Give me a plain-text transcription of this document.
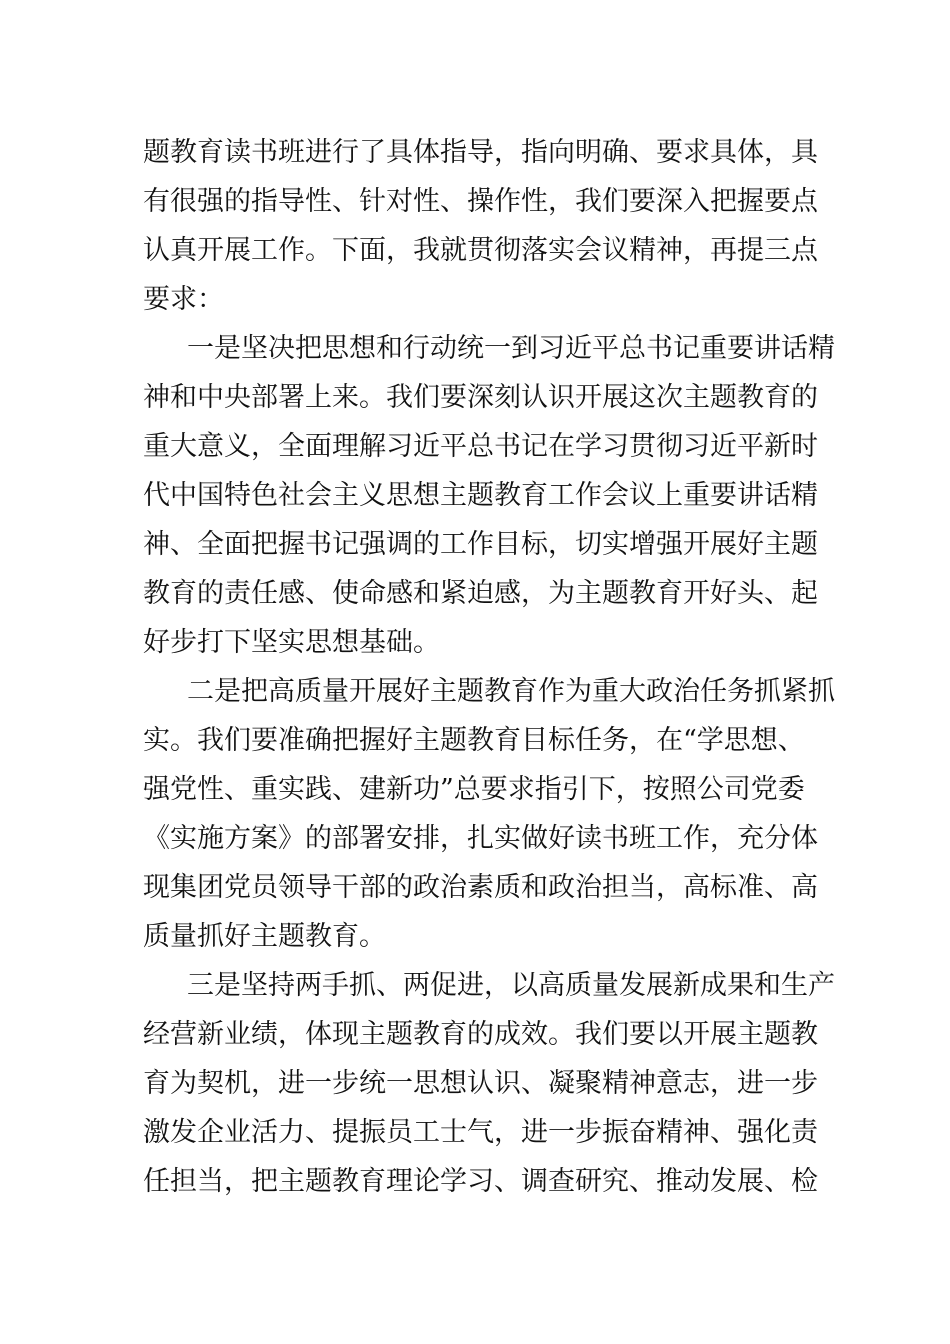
题教育读书班进行了具体指导，指向明确、要求具体，具
有很强的指导性、针对性、操作性，我们要深入把握要点
认真开展工作。下面，我就贯彻落实会议精神，再提三点
要求：
一是坚决把思想和行动统一到习近平总书记重要讲话精
神和中央部署上来。我们要深刻认识开展这次主题教育的
重大意义，全面理解习近平总书记在学习贯彻习近平新时
代中国特色社会主义思想主题教育工作会议上重要讲话精
神、全面把握书记强调的工作目标，切实增强开展好主题
教育的责任感、使命感和紧迫感，为主题教育开好头、起
好步打下坚实思想基础。
二是把高质量开展好主题教育作为重大政治任务抓紧抓
实。我们要准确把握好主题教育目标任务，在“学思想、
强党性、重实践、建新功”总要求指引下，按照公司党委
《实施方案》的部署安排，扎实做好读书班工作，充分体
现集团党员领导干部的政治素质和政治担当，高标准、高
质量抓好主题教育。
三是坚持两手抓、两促进，以高质量发展新成果和生产
经营新业绩，体现主题教育的成效。我们要以开展主题教
育为契机，进一步统一思想认识、凝聚精神意志，进一步
激发企业活力、提振员工士气，进一步振奋精神、强化责
任担当，把主题教育理论学习、调查研究、推动发展、检
